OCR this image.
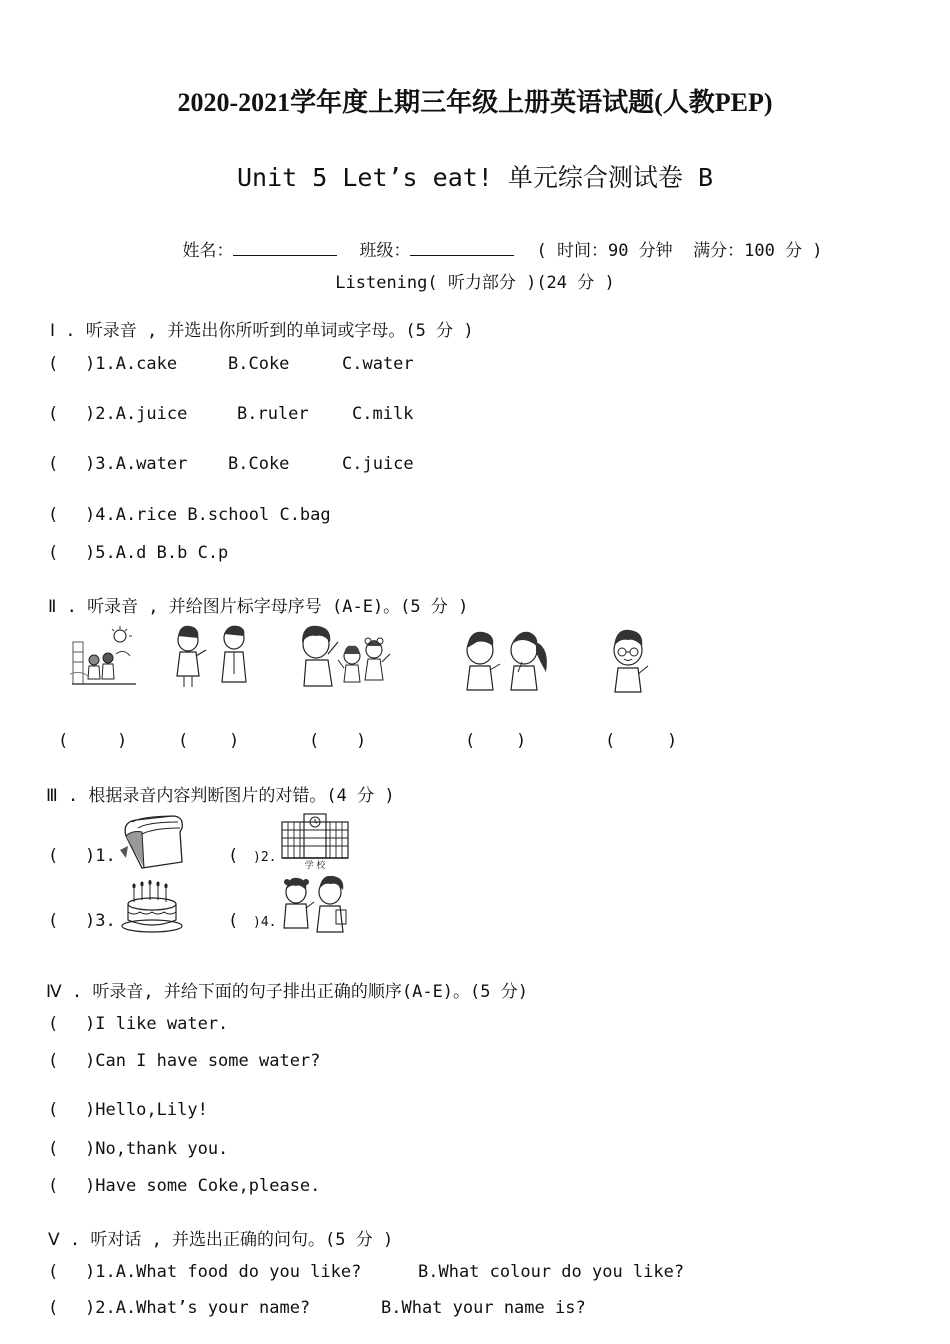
2020-2021学年度上期三年级上册英语试题(人教PEP)
Unit 5 Let’s eat! 单元综合测试卷 B

姓名：	班级：	( 时间：90 分钟  满分：100 分 )

Listening( 听力部分 )(24 分 )
Ⅰ . 听录音 , 并选出你所听到的单词或字母。(5 分 )
( )1.A.cake	B.Coke	C.water
( )2.A.juice	B.ruler	C.milk
( )3.A.water B.Coke	C.juice
( )4.A.rice B.school C.bag
( )5.A.d B.b C.p
Ⅱ . 听录音 , 并给图片标字母序号 (A-E)。(5 分 )
(	)	( )	( )	( )	(	)
Ⅲ . 根据录音内容判断图片的对错。(4 分 )
( )1.	( )2.
学 校
( )3.	( )4.
Ⅳ . 听录音, 并给下面的句子排出正确的顺序(A-E)。(5 分)
( )I like water.
( )Can I have some water?
( )Hello,Lily!
( )No,thank you.
( )Have some Coke,please.
Ⅴ . 听对话 , 并选出正确的问句。(5 分 )
( )1.A.What food do you like?	B.What colour do you like?
( )2.A.What’s your name?	B.What your name is?
